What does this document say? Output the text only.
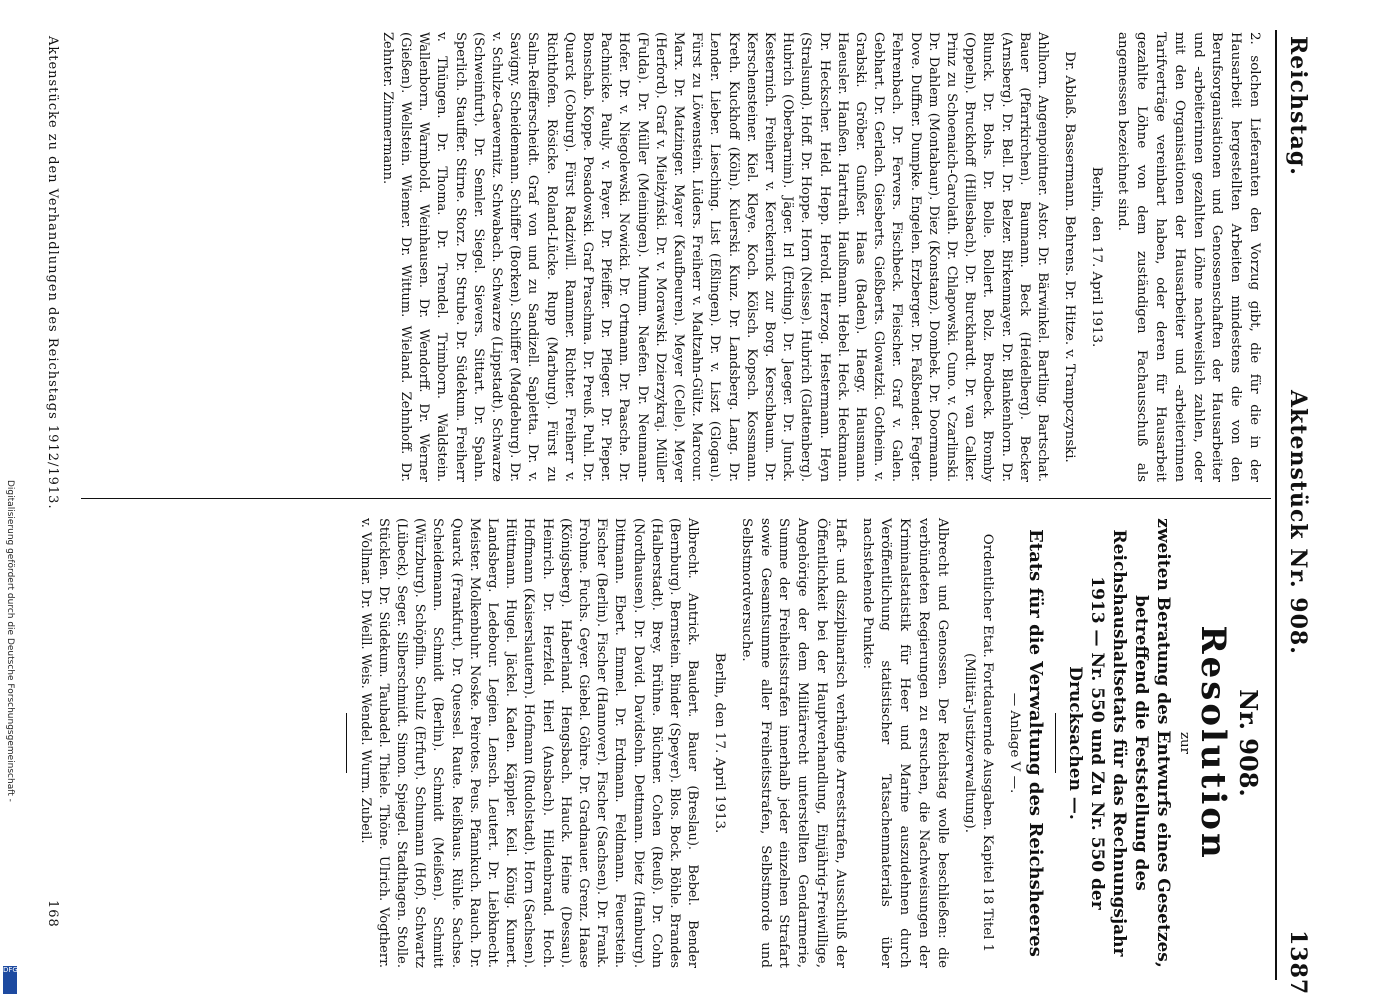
Reichstag.
Aktenstück Nr. 908.
1387

2. solchen Lieferanten den Vorzug gibt, die für die in der Hausarbeit hergestellten Arbeiten mindestens die von den Berufsorganisationen und Genossenschaften der Hausarbeiter und -arbeiterinnen gezahlten Löhne nachweislich zahlen, oder mit den Organisationen der Hausarbeiter und -arbeiterinnen Tarifverträge vereinbart haben, oder deren für Hausarbeit gezahlte Löhne von dem zuständigen Fachausschuß als angemessen bezeichnet sind.

Berlin, den 17. April 1913.

Dr. Ablaß. Bassermann. Behrens. Dr. Hitze. v. Trampczynski.

Ahlhorn. Angenpointner. Astor. Dr. Bärwinkel. Bartling. Bartschat. Bauer (Pfarrkirchen). Baumann. Beck (Heidelberg). Becker (Arnsberg). Dr. Bell. Dr. Belzer. Birkenmayer. Dr. Blankenhorn. Dr. Blunck. Dr. Bohs. Dr. Bolle. Bollert. Bolz. Brodbeck. Bromby (Oppeln). Bruckhoff (Hillesbach). Dr. Burckhardt. Dr. van Calker. Prinz zu Schoenaich-Carolath. Dr. Chlapowski. Cuno. v. Czarlinski. Dr. Dahlem (Montabaur). Diez (Konstanz). Dombek. Dr. Doormann. Dove. Duffner. Dumpke. Engelen. Erzberger. Dr. Faßbender. Fegter. Fehrenbach. Dr. Fervers. Fischbeck. Fleischer. Graf v. Galen. Gebhart. Dr. Gerlach. Giesberts. Gießberts. Glowatzki. Gotheim. v. Grabski. Gröber. Gunßer. Haas (Baden). Haegy. Hausmann. Haeusler. Hanßen. Hartrath. Haußmann. Hebel. Heck. Heckmann. Dr. Heckscher. Held. Hepp. Herold. Herzog. Hestermann. Heyn (Stralsund). Hoff. Dr. Hoppe. Horn (Neisse). Hubrich (Glattenberg). Hubrich (Oberbarnim). Jäger. Irl (Erding). Dr. Jaeger. Dr. Junck. Kesternich. Freiherr v. Kerckerinck zur Borg. Kerschbaum. Dr. Kerschensteiner. Kiel. Kleye. Koch. Kölsch. Kopsch. Kossmann. Kreth. Kuckhoff (Köln). Kulerski. Kunz. Dr. Landsberg. Lang. Dr. Lender. Lieber. Liesching. List (Eßlingen). Dr. v. Liszt (Glogau). Fürst zu Löwenstein. Lüders. Freiherr v. Maltzahn-Gültz. Marcour. Marx. Dr. Matzinger. Mayer (Kaufbeuren). Meyer (Celle). Meyer (Herford). Graf v. Mielżyński. Dr. v. Morawski. Dzierzykraj. Müller (Fulda). Dr. Müller (Meiningen). Mumm. Naefen. Dr. Neumann-Hofer. Dr. v. Niegolewski. Nowicki. Dr. Ortmann. Dr. Paasche. Dr. Pachnicke. Pauly. v. Payer. Dr. Pfeiffer. Dr. Pfleger. Dr. Pieper. Bonschab. Koppe. Posadowski. Graf Praschma. Dr. Preuß. Puhl. Dr. Quarck (Coburg). Fürst Radziwill. Rammer. Richter. Freiherr v. Richthofen. Rösicke. Roland-Lücke. Rupp (Marburg). Fürst zu Salm-Reifferscheidt. Graf von und zu Sandizell. Sapletta. Dr. v. Savigny. Scheidemann. Schiffer (Borken). Schiffer (Magdeburg). Dr. v. Schulze-Gaevernitz. Schwabach. Schwarze (Lippstadt). Schwarze (Schweinfurt). Dr. Semler. Siegel. Sievers. Sittart. Dr. Spahn. Sperlich. Stauffer. Stirne. Storz. Dr. Strube. Dr. Südekum. Freiherr v. Thüngen. Dr. Thoma. Dr. Trendel. Trimborn. Waldstein. Wallenborn. Warmbold. Weinhausen. Dr. Wendorff. Dr. Werner (Gießen). Wellstein. Wiemer. Dr. Wittum. Wieland. Zehnhoff. Dr. Zehnter. Zimmermann.
Nr. 908.
Resolution
zur
zweiten Beratung des Entwurfs eines Gesetzes, betreffend die Feststellung des Reichshaushaltsetats für das Rechnungsjahr 1913 — Nr. 550 und Zu Nr. 550 der Drucksachen —.
Etats für die Verwaltung des Reichsheeres

— Anlage V —.

Ordentlicher Etat. Fortdauernde Ausgaben. Kapitel 18 Titel 1 (Militär-Justizverwaltung).

Albrecht und Genossen. Der Reichstag wolle beschließen: die verbündeten Regierungen zu ersuchen, die Nachweisungen der Kriminalstatistik für Heer und Marine auszudehnen durch Veröffentlichung statistischer Tatsachenmaterials über nachstehende Punkte:

Haft- und disziplinarisch verhängte Arreststrafen, Ausschluß der Öffentlichkeit bei der Hauptverhandlung, Einjährig-Freiwillige, Angehörige der dem Militärrecht unterstellten Gendarmerie, Summe der Freiheitsstrafen innerhalb jeder einzelnen Strafart sowie Gesamtsumme aller Freiheitsstrafen, Selbstmorde und Selbstmordversuche.

Berlin, den 17. April 1913.

Albrecht. Antrick. Baudert. Bauer (Breslau). Bebel. Bender (Bernburg). Bernstein. Binder (Speyer). Blos. Bock. Böhle. Brandes (Halberstadt). Brey. Brühne. Büchner. Cohen (Reuß). Dr. Cohn (Nordhausen). Dr. David. Davidsohn. Dettmann. Dietz (Hamburg). Dittmann. Ebert. Emmel. Dr. Erdmann. Feldmann. Feuerstein. Fischer (Berlin). Fischer (Hannover). Fischer (Sachsen). Dr. Frank. Frohme. Fuchs. Geyer. Giebel. Göhre. Dr. Gradnauer. Grenz. Haase (Königsberg). Haberland. Hengsbach. Hauck. Heine (Dessau). Heinrich. Dr. Herzfeld. Hierl (Ansbach). Hildenbrand. Hoch. Hoffmann (Kaiserslautern). Hofmann (Rudolstadt). Horn (Sachsen). Hüttmann. Hugel. Jäckel. Kaden. Käppler. Keil. König. Kunert. Landsberg. Ledebour. Legien. Lensch. Leutert. Dr. Liebknecht. Meister. Molkenbuhr. Noske. Peirotes. Peus. Pfannkuch. Rauch. Dr. Quarck (Frankfurt). Dr. Quessel. Raute. Reißhaus. Rühle. Sachse. Scheidemann. Schmidt (Berlin). Schmidt (Meißen). Schmitt (Würzburg). Schöpflin. Schulz (Erfurt). Schumann (Hof). Schwartz (Lübeck). Seger. Silberschmidt. Simon. Spiegel. Stadthagen. Stolle. Stücklen. Dr. Südekum. Taubadel. Thiele. Thöne. Ulrich. Vogtherr. v. Vollmar. Dr. Weill. Weis. Wendel. Wurm. Zubeil.
Aktenstücke zu den Verhandlungen des Reichstags 1912/1913.
168
Digitalisierung gefördert durch die Deutsche Forschungsgemeinschaft -
DFG
